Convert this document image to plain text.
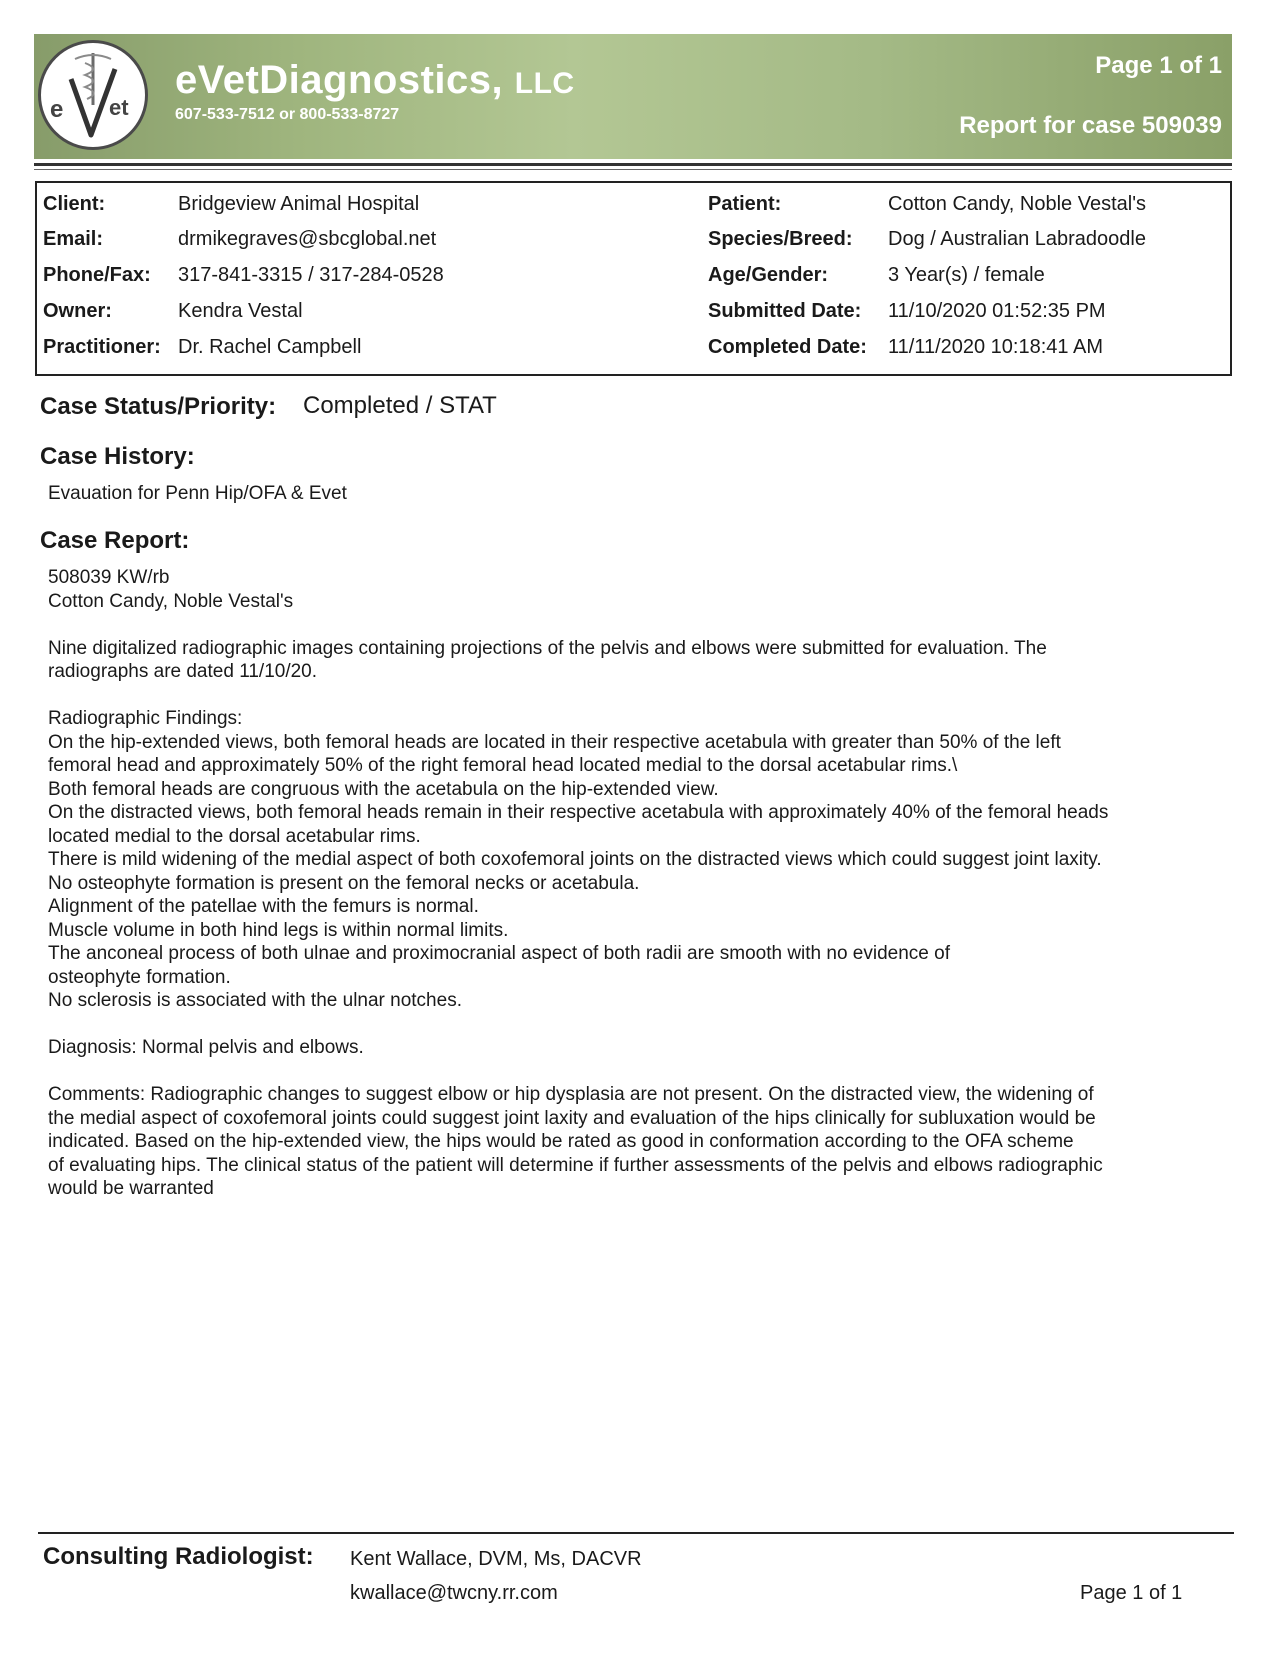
e et
eVetDiagnostics, LLC
607-533-7512 or 800-533-8727
Page 1 of 1
Report for case 509039
Client:	Bridgeview Animal Hospital
Email:	drmikegraves@sbcglobal.net
Phone/Fax: 317-841-3315 / 317-284-0528
Owner:	Kendra Vestal
Practitioner: Dr. Rachel Campbell
Patient:	Cotton Candy, Noble Vestal's
Species/Breed: Dog / Australian Labradoodle
Age/Gender:	3 Year(s) / female
Submitted Date: 11/10/2020 01:52:35 PM
Completed Date: 11/11/2020 10:18:41 AM
Case Status/Priority: Completed / STAT
Case History:
Evauation for Penn Hip/OFA & Evet
Case Report:
508039 KW/rb
Cotton Candy, Noble Vestal's
Nine digitalized radiographic images containing projections of the pelvis and elbows were submitted for evaluation. The
radiographs are dated 11/10/20.
Radiographic Findings:
On the hip-extended views, both femoral heads are located in their respective acetabula with greater than 50% of the left
femoral head and approximately 50% of the right femoral head located medial to the dorsal acetabular rims.\
Both femoral heads are congruous with the acetabula on the hip-extended view.
On the distracted views, both femoral heads remain in their respective acetabula with approximately 40% of the femoral heads
located medial to the dorsal acetabular rims.
There is mild widening of the medial aspect of both coxofemoral joints on the distracted views which could suggest joint laxity.
No osteophyte formation is present on the femoral necks or acetabula.
Alignment of the patellae with the femurs is normal.
Muscle volume in both hind legs is within normal limits.
The anconeal process of both ulnae and proximocranial aspect of both radii are smooth with no evidence of
osteophyte formation.
No sclerosis is associated with the ulnar notches.
Diagnosis: Normal pelvis and elbows.
Comments: Radiographic changes to suggest elbow or hip dysplasia are not present. On the distracted view, the widening of
the medial aspect of coxofemoral joints could suggest joint laxity and evaluation of the hips clinically for subluxation would be
indicated. Based on the hip-extended view, the hips would be rated as good in conformation according to the OFA scheme
of evaluating hips. The clinical status of the patient will determine if further assessments of the pelvis and elbows radiographic
would be warranted
Consulting Radiologist: Kent Wallace, DVM, Ms, DACVR
kwallace@twcny.rr.com	Page 1 of 1
